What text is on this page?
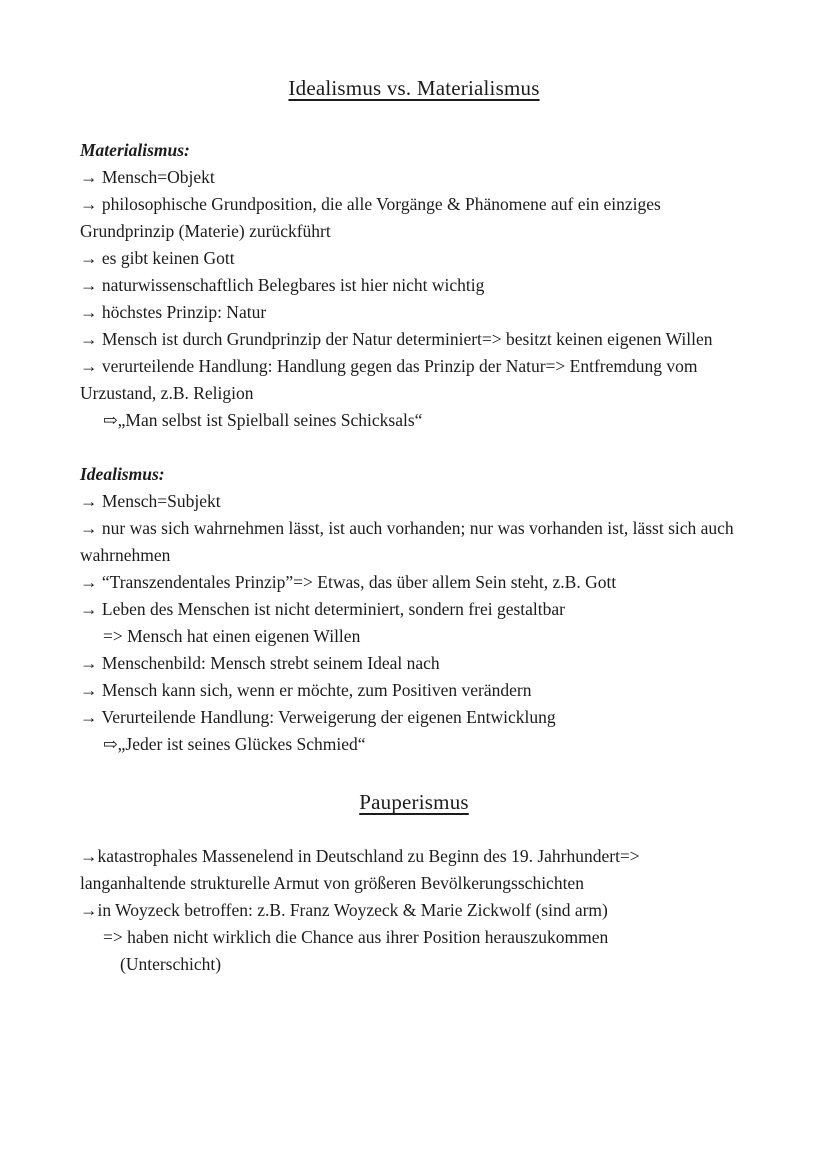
Idealismus vs. Materialismus

Materialismus:

→ Mensch=Objekt

→ philosophische Grundposition, die alle Vorgänge & Phänomene auf ein einziges Grundprinzip (Materie) zurückführt

→ es gibt keinen Gott

→ naturwissenschaftlich Belegbares ist hier nicht wichtig

→ höchstes Prinzip: Natur

→ Mensch ist durch Grundprinzip der Natur determiniert=> besitzt keinen eigenen Willen

→ verurteilende Handlung: Handlung gegen das Prinzip der Natur=> Entfremdung vom Urzustand, z.B. Religion

⇨„Man selbst ist Spielball seines Schicksals“

Idealismus:

→ Mensch=Subjekt

→ nur was sich wahrnehmen lässt, ist auch vorhanden; nur was vorhanden ist, lässt sich auch wahrnehmen

→ “Transzendentales Prinzip”=> Etwas, das über allem Sein steht, z.B. Gott

→ Leben des Menschen ist nicht determiniert, sondern frei gestaltbar

=> Mensch hat einen eigenen Willen

→ Menschenbild: Mensch strebt seinem Ideal nach

→ Mensch kann sich, wenn er möchte, zum Positiven verändern

→ Verurteilende Handlung: Verweigerung der eigenen Entwicklung

⇨„Jeder ist seines Glückes Schmied“

Pauperismus

→katastrophales Massenelend in Deutschland zu Beginn des 19. Jahrhundert=> langanhaltende strukturelle Armut von größeren Bevölkerungsschichten

→in Woyzeck betroffen: z.B. Franz Woyzeck & Marie Zickwolf (sind arm)

=> haben nicht wirklich die Chance aus ihrer Position herauszukommen

(Unterschicht)
